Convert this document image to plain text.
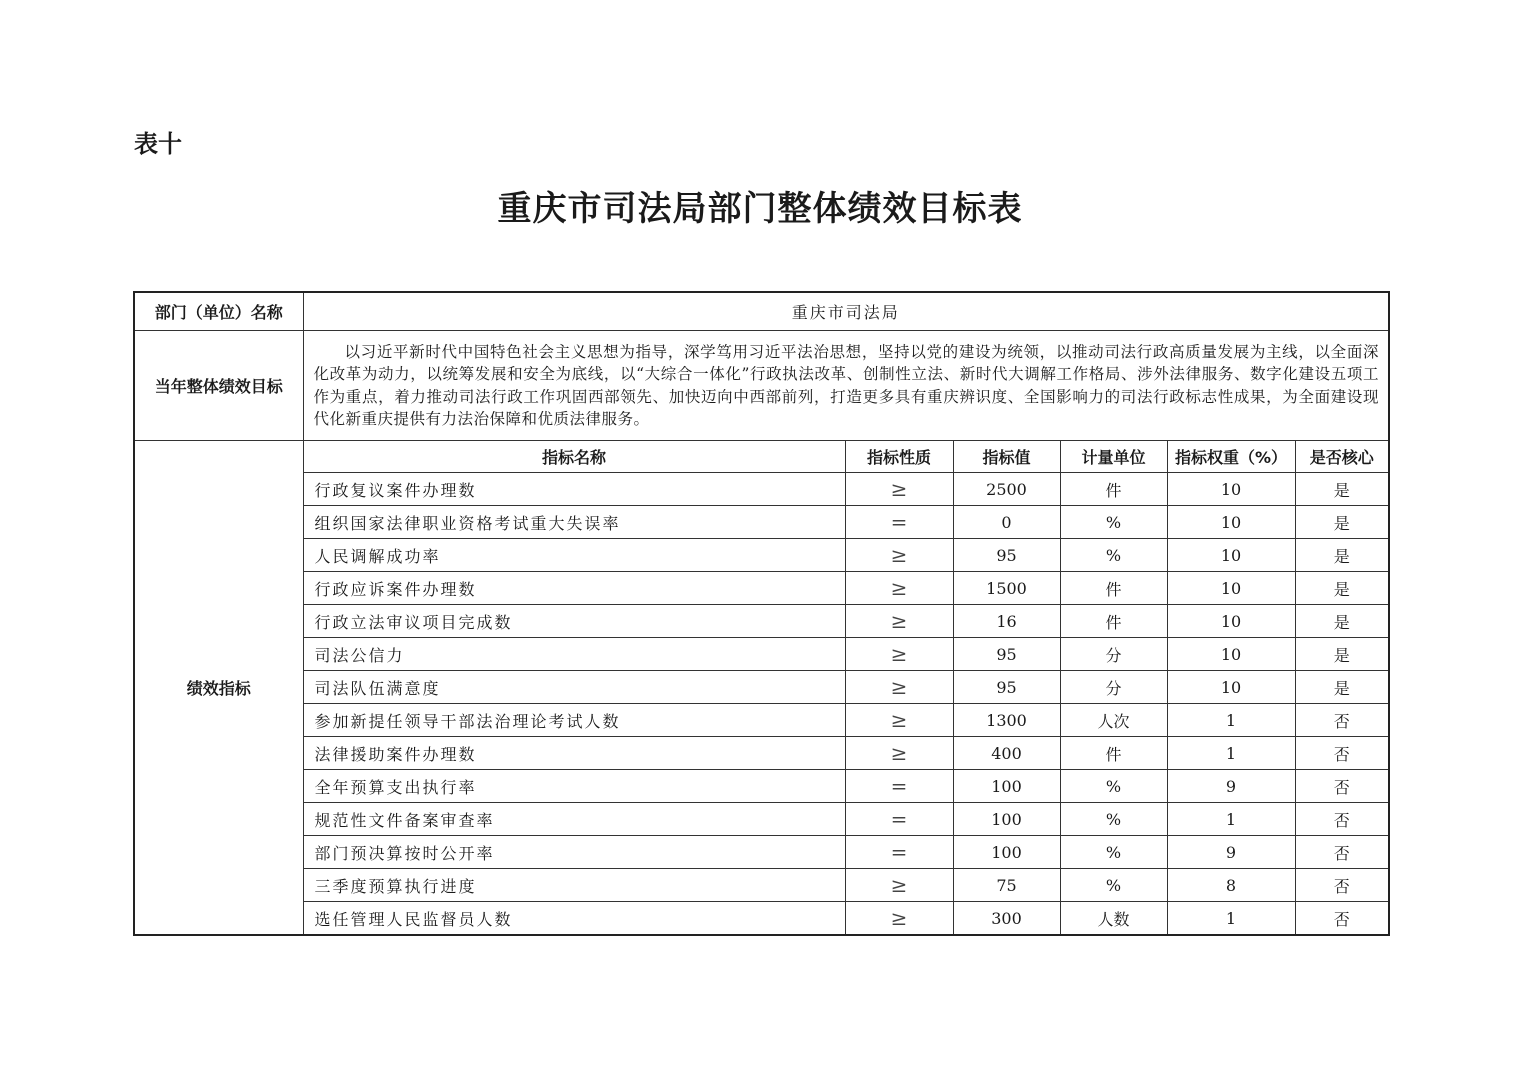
表十
重庆市司法局部门整体绩效目标表
部门（单位）名称	重庆市司法局					
当年整体绩效目标	以习近平新时代中国特色社会主义思想为指导，深学笃用习近平法治思想，坚持以党的建设为统领，以推动司法行政高质量发展为主线，以全面深化改革为动力，以统筹发展和安全为底线，以“大综合一体化”行政执法改革、创制性立法、新时代大调解工作格局、涉外法律服务、数字化建设五项工作为重点，着力推动司法行政工作巩固西部领先、加快迈向中西部前列，打造更多具有重庆辨识度、全国影响力的司法行政标志性成果，为全面建设现代化新重庆提供有力法治保障和优质法律服务。					
绩效指标	指标名称	指标性质	指标值	计量单位	指标权重（%）	是否核心
	行政复议案件办理数	≥	2500	件	10	是
	组织国家法律职业资格考试重大失误率	=	0	%	10	是
	人民调解成功率	≥	95	%	10	是
	行政应诉案件办理数	≥	1500	件	10	是
	行政立法审议项目完成数	≥	16	件	10	是
	司法公信力	≥	95	分	10	是
	司法队伍满意度	≥	95	分	10	是
	参加新提任领导干部法治理论考试人数	≥	1300	人次	1	否
	法律援助案件办理数	≥	400	件	1	否
	全年预算支出执行率	=	100	%	9	否
	规范性文件备案审查率	=	100	%	1	否
	部门预决算按时公开率	=	100	%	9	否
	三季度预算执行进度	≥	75	%	8	否
	选任管理人民监督员人数	≥	300	人数	1	否
